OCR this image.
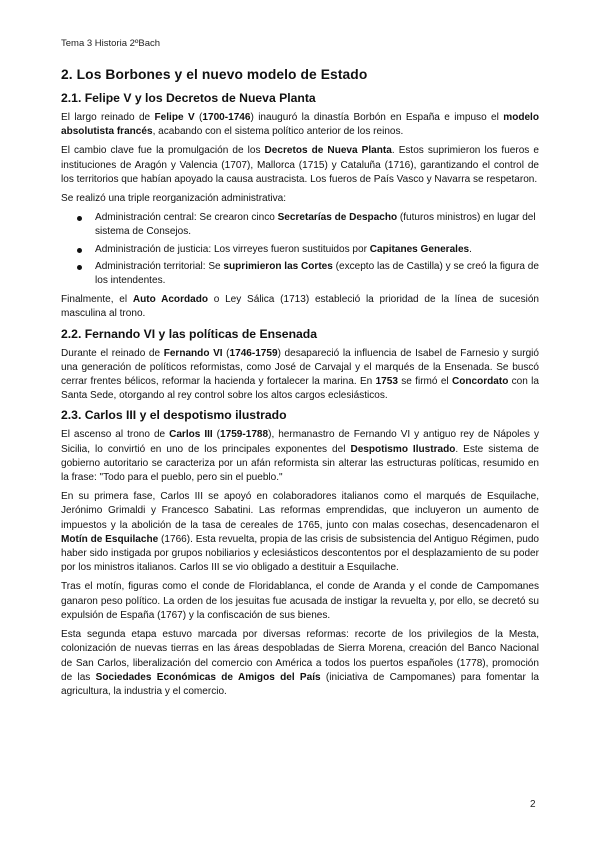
Tema 3 Historia 2ºBach
2. Los Borbones y el nuevo modelo de Estado
2.1. Felipe V y los Decretos de Nueva Planta

El largo reinado de Felipe V (1700-1746) inauguró la dinastía Borbón en España e impuso el modelo absolutista francés, acabando con el sistema político anterior de los reinos.

El cambio clave fue la promulgación de los Decretos de Nueva Planta. Estos suprimieron los fueros e instituciones de Aragón y Valencia (1707), Mallorca (1715) y Cataluña (1716), garantizando el control de los territorios que habían apoyado la causa austracista. Los fueros de País Vasco y Navarra se respetaron.

Se realizó una triple reorganización administrativa:

Administración central: Se crearon cinco Secretarías de Despacho (futuros ministros) en lugar del sistema de Consejos.
Administración de justicia: Los virreyes fueron sustituidos por Capitanes Generales.
Administración territorial: Se suprimieron las Cortes (excepto las de Castilla) y se creó la figura de los intendentes.

Finalmente, el Auto Acordado o Ley Sálica (1713) estableció la prioridad de la línea de sucesión masculina al trono.

2.2. Fernando VI y las políticas de Ensenada

Durante el reinado de Fernando VI (1746-1759) desapareció la influencia de Isabel de Farnesio y surgió una generación de políticos reformistas, como José de Carvajal y el marqués de la Ensenada. Se buscó cerrar frentes bélicos, reformar la hacienda y fortalecer la marina. En 1753 se firmó el Concordato con la Santa Sede, otorgando al rey control sobre los altos cargos eclesiásticos.

2.3. Carlos III y el despotismo ilustrado

El ascenso al trono de Carlos III (1759-1788), hermanastro de Fernando VI y antiguo rey de Nápoles y Sicilia, lo convirtió en uno de los principales exponentes del Despotismo Ilustrado. Este sistema de gobierno autoritario se caracteriza por un afán reformista sin alterar las estructuras políticas, resumido en la frase: "Todo para el pueblo, pero sin el pueblo."

En su primera fase, Carlos III se apoyó en colaboradores italianos como el marqués de Esquilache, Jerónimo Grimaldi y Francesco Sabatini. Las reformas emprendidas, que incluyeron un aumento de impuestos y la abolición de la tasa de cereales de 1765, junto con malas cosechas, desencadenaron el Motín de Esquilache (1766). Esta revuelta, propia de las crisis de subsistencia del Antiguo Régimen, pudo haber sido instigada por grupos nobiliarios y eclesiásticos descontentos por el desplazamiento de su poder por los ministros italianos. Carlos III se vio obligado a destituir a Esquilache.

Tras el motín, figuras como el conde de Floridablanca, el conde de Aranda y el conde de Campomanes ganaron peso político. La orden de los jesuitas fue acusada de instigar la revuelta y, por ello, se decretó su expulsión de España (1767) y la confiscación de sus bienes.

Esta segunda etapa estuvo marcada por diversas reformas: recorte de los privilegios de la Mesta, colonización de nuevas tierras en las áreas despobladas de Sierra Morena, creación del Banco Nacional de San Carlos, liberalización del comercio con América a todos los puertos españoles (1778), promoción de las Sociedades Económicas de Amigos del País (iniciativa de Campomanes) para fomentar la agricultura, la industria y el comercio.

2
